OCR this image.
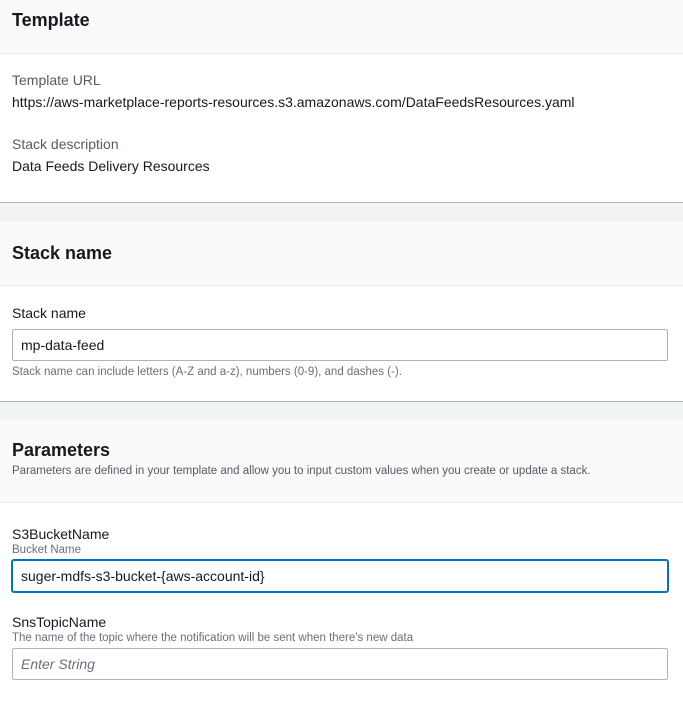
Template
Template URL
https://aws-marketplace-reports-resources.s3.amazonaws.com/DataFeedsResources.yaml
Stack description
Data Feeds Delivery Resources
Stack name
Stack name
mp-data-feed
Stack name can include letters (A-Z and a-z), numbers (0-9), and dashes (-).
Parameters
Parameters are defined in your template and allow you to input custom values when you create or update a stack.
S3BucketName
Bucket Name
suger-mdfs-s3-bucket-{aws-account-id}
SnsTopicName
The name of the topic where the notification will be sent when there's new data
Enter String
